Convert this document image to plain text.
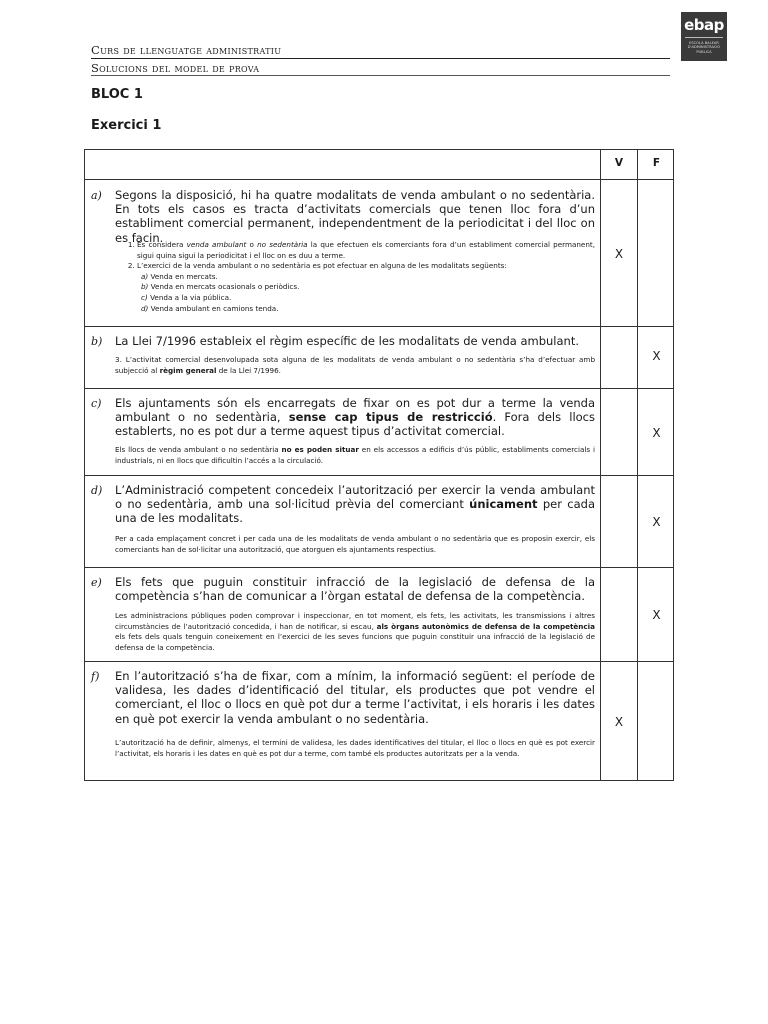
Curs de llenguatge administratiu
Solucions del model de prova
ebap
ESCOLA BALEAR D'ADMINISTRACIÓ PÚBLICA
BLOC 1
Exercici 1
V	F
a) Segons la disposició, hi ha quatre modalitats de venda ambulant o no sedentària. En tots els casos es tracta d’activitats comercials que tenen lloc fora d’un establiment comercial permanent, independentment de la periodicitat i del lloc on es facin.
1. Es considera venda ambulant o no sedentària la que efectuen els comerciants fora d’un establiment comercial permanent, sigui quina sigui la periodicitat i el lloc on es duu a terme.
2. L’exercici de la venda ambulant o no sedentària es pot efectuar en alguna de les modalitats següents:
a) Venda en mercats.
b) Venda en mercats ocasionals o periòdics.
c) Venda a la via pública.
d) Venda ambulant en camions tenda.
X
b) La Llei 7/1996 estableix el règim específic de les modalitats de venda ambulant.
3. L’activitat comercial desenvolupada sota alguna de les modalitats de venda ambulant o no sedentària s’ha d’efectuar amb subjecció al règim general de la Llei 7/1996.
X
c) Els ajuntaments són els encarregats de fixar on es pot dur a terme la venda ambulant o no sedentària, sense cap tipus de restricció. Fora dels llocs establerts, no es pot dur a terme aquest tipus d’activitat comercial.
Els llocs de venda ambulant o no sedentària no es poden situar en els accessos a edificis d’ús públic, establiments comercials i industrials, ni en llocs que dificultin l’accés a la circulació.
X
d) L’Administració competent concedeix l’autorització per exercir la venda ambulant o no sedentària, amb una sol·licitud prèvia del comerciant únicament per cada una de les modalitats.
Per a cada emplaçament concret i per cada una de les modalitats de venda ambulant o no sedentària que es proposin exercir, els comerciants han de sol·licitar una autorització, que atorguen els ajuntaments respectius.
X
e) Els fets que puguin constituir infracció de la legislació de defensa de la competència s’han de comunicar a l’òrgan estatal de defensa de la competència.
Les administracions públiques poden comprovar i inspeccionar, en tot moment, els fets, les activitats, les transmissions i altres circumstàncies de l’autorització concedida, i han de notificar, si escau, als òrgans autonòmics de defensa de la competència els fets dels quals tenguin coneixement en l’exercici de les seves funcions que puguin constituir una infracció de la legislació de defensa de la competència.
X
f) En l’autorització s’ha de fixar, com a mínim, la informació següent: el període de validesa, les dades d’identificació del titular, els productes que pot vendre el comerciant, el lloc o llocs en què pot dur a terme l’activitat, i els horaris i les dates en què pot exercir la venda ambulant o no sedentària.
L’autorització ha de definir, almenys, el termini de validesa, les dades identificatives del titular, el lloc o llocs en què es pot exercir l’activitat, els horaris i les dates en què es pot dur a terme, com també els productes autoritzats per a la venda.
X
